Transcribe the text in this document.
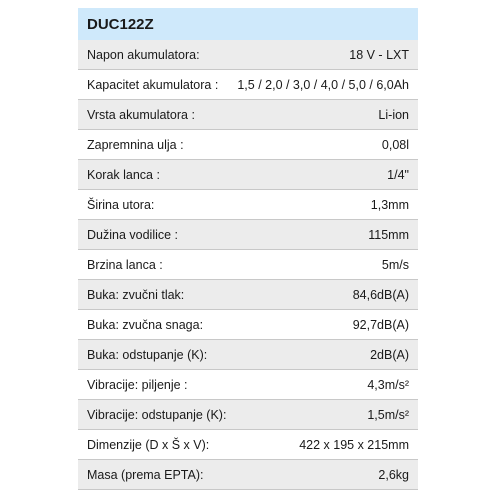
DUC122Z
Napon akumulatora:	18 V - LXT
Kapacitet akumulatora : 1,5 / 2,0 / 3,0 / 4,0 / 5,0 / 6,0Ah
Vrsta akumulatora :	Li-ion
Zapremnina ulja :	0,08l
Korak lanca :	1/4"
Širina utora:	1,3mm
Dužina vodilice :	115mm
Brzina lanca :	5m/s
Buka: zvučni tlak:	84,6dB(A)
Buka: zvučna snaga:	92,7dB(A)
Buka: odstupanje (K):	2dB(A)
Vibracije: piljenje :	4,3m/s²
Vibracije: odstupanje (K):	1,5m/s²
Dimenzije (D x Š x V):	422 x 195 x 215mm
Masa (prema EPTA):	2,6kg
